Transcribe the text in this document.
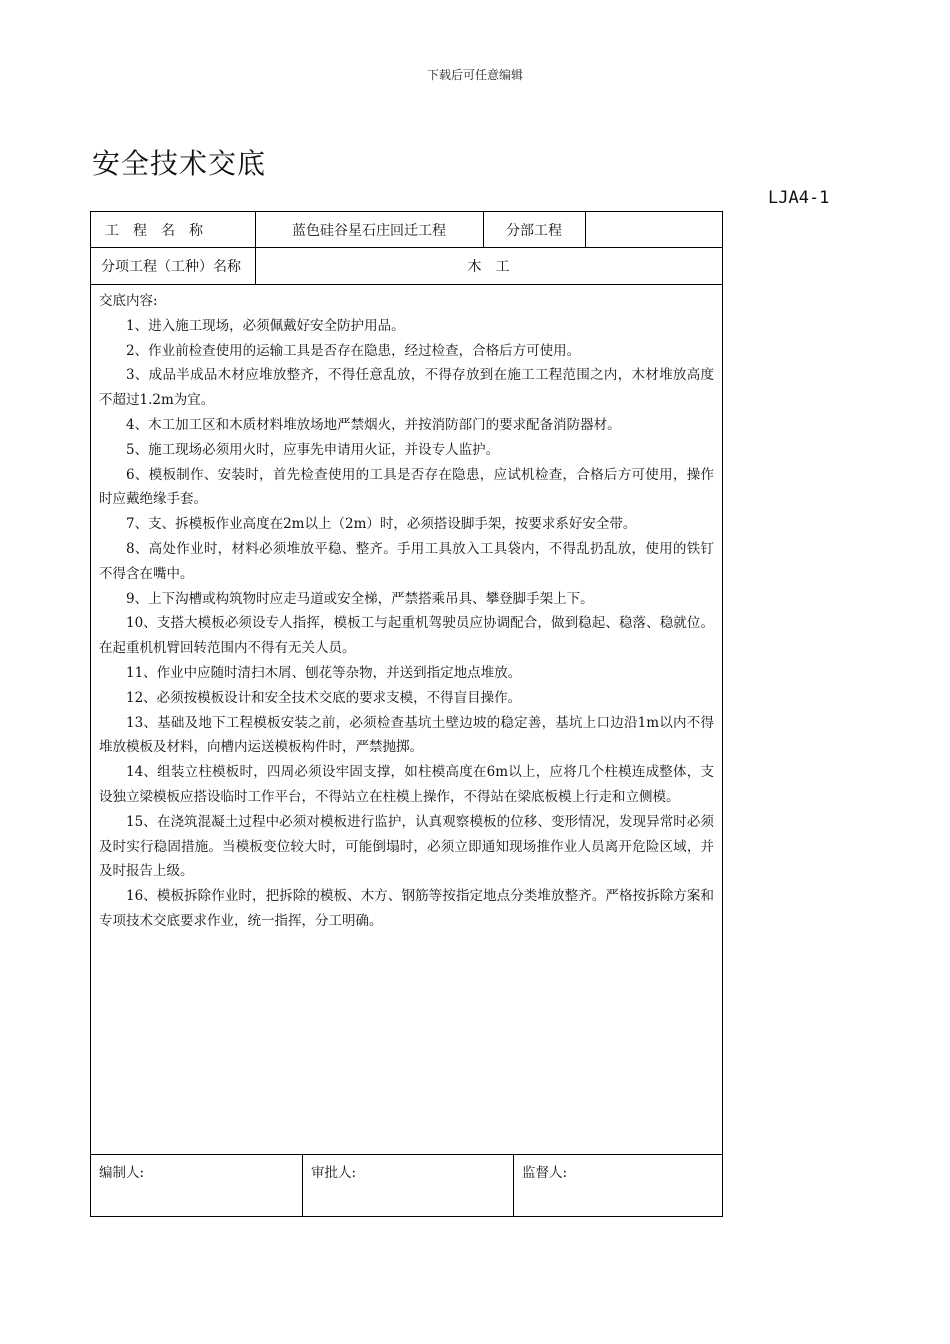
下载后可任意编辑
安全技术交底
LJA4-1
工　程　名　称	蓝色硅谷星石庄回迁工程	分部工程
分项工程（工种）名称	木　工

交底内容:

1、进入施工现场，必须佩戴好安全防护用品。

2、作业前检查使用的运输工具是否存在隐患，经过检查，合格后方可使用。

3、成品半成品木材应堆放整齐，不得任意乱放，不得存放到在施工工程范围之内，木材堆放高度不超过1.2m为宜。

4、木工加工区和木质材料堆放场地严禁烟火，并按消防部门的要求配备消防器材。

5、施工现场必须用火时，应事先申请用火证，并设专人监护。

6、模板制作、安装时，首先检查使用的工具是否存在隐患，应试机检查，合格后方可使用，操作时应戴绝缘手套。

7、支、拆模板作业高度在2m以上（2m）时，必须搭设脚手架，按要求系好安全带。

8、高处作业时，材料必须堆放平稳、整齐。手用工具放入工具袋内，不得乱扔乱放，使用的铁钉不得含在嘴中。

9、上下沟槽或构筑物时应走马道或安全梯，严禁搭乘吊具、攀登脚手架上下。

10、支搭大模板必须设专人指挥，模板工与起重机驾驶员应协调配合，做到稳起、稳落、稳就位。在起重机机臂回转范围内不得有无关人员。

11、作业中应随时清扫木屑、刨花等杂物，并送到指定地点堆放。

12、必须按模板设计和安全技术交底的要求支模，不得盲目操作。

13、基础及地下工程模板安装之前，必须检查基坑土壁边坡的稳定善，基坑上口边沿1m以内不得堆放模板及材料，向槽内运送模板构件时，严禁抛掷。

14、组装立柱模板时，四周必须设牢固支撑，如柱模高度在6m以上，应将几个柱模连成整体，支设独立梁模板应搭设临时工作平台，不得站立在柱模上操作，不得站在梁底板模上行走和立侧模。

15、在浇筑混凝土过程中必须对模板进行监护，认真观察模板的位移、变形情况，发现异常时必须及时实行稳固措施。当模板变位较大时，可能倒塌时，必须立即通知现场推作业人员离开危险区域，并及时报告上级。

16、模板拆除作业时，把拆除的模板、木方、钢筋等按指定地点分类堆放整齐。严格按拆除方案和专项技术交底要求作业，统一指挥，分工明确。

编制人:	审批人:	监督人:
